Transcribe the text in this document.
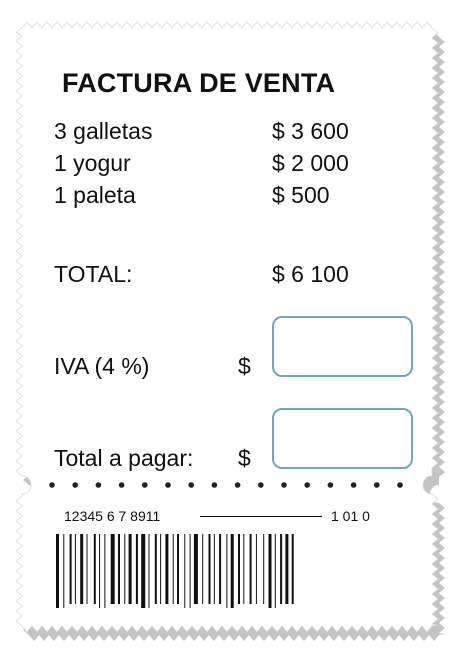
FACTURA DE VENTA
3 galletas	$ 3 600
1 yogur	$ 2 000
1 paleta	$ 500
TOTAL:	$ 6 100
IVA (4 %)	$
Total a pagar: $
12345 6 7 8911	1 01 0
